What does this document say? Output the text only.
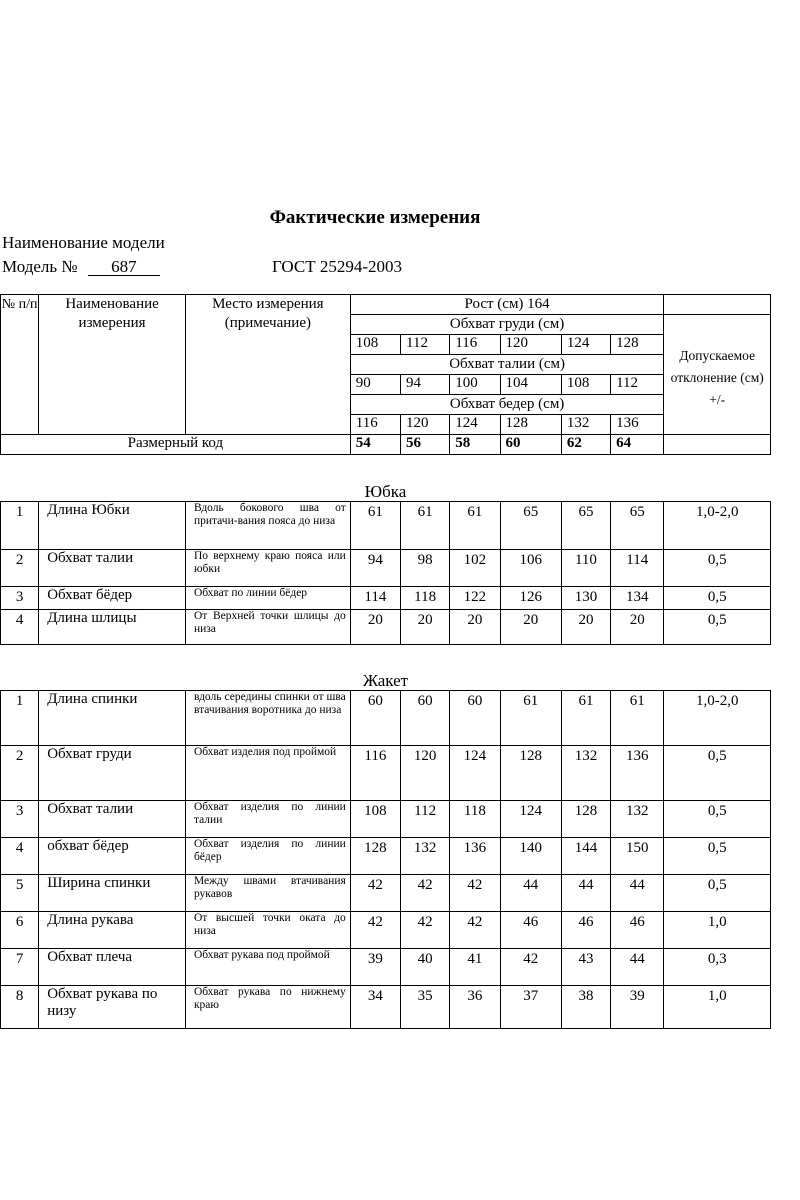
Фактические измерения
Наименование модели
Модель № 687	ГОСТ 25294-2003
№ п/п	Наименование измерения	Место измерения (примечание)	Рост (см) 164						
			Обхват груди (см)						Допускаемое отклонение (см) +/-
			108	112	116	120	124	128	
			Обхват талии (см)						
			90	94	100	104	108	112	
			Обхват бедер (см)						
			116	120	124	128	132	136	
Размерный код			54	56	58	60	62	64	
Юбка									
1	Длина Юбки	Вдоль бокового шва от притачи-вания пояса до низа	61	61	61	65	65	65	1,0-2,0
2	Обхват талии	По верхнему краю пояса или юбки	94	98	102	106	110	114	0,5
3	Обхват бёдер	Обхват по линии бёдер	114	118	122	126	130	134	0,5
4	Длина шлицы	От Верхней точки шлицы до низа	20	20	20	20	20	20	0,5
Жакет									
1	Длина спинки	вдоль середины спинки от шва втачивания воротника до низа	60	60	60	61	61	61	1,0-2,0
2	Обхват груди	Обхват изделия под проймой	116	120	124	128	132	136	0,5
3	Обхват талии	Обхват изделия по линии талии	108	112	118	124	128	132	0,5
4	обхват бёдер	Обхват изделия по линии бёдер	128	132	136	140	144	150	0,5
5	Ширина спинки	Между швами втачивания рукавов	42	42	42	44	44	44	0,5
6	Длина рукава	От высшей точки оката до низа	42	42	42	46	46	46	1,0
7	Обхват плеча	Обхват рукава под проймой	39	40	41	42	43	44	0,3
8	Обхват рукава по низу	Обхват рукава по нижнему краю	34	35	36	37	38	39	1,0
